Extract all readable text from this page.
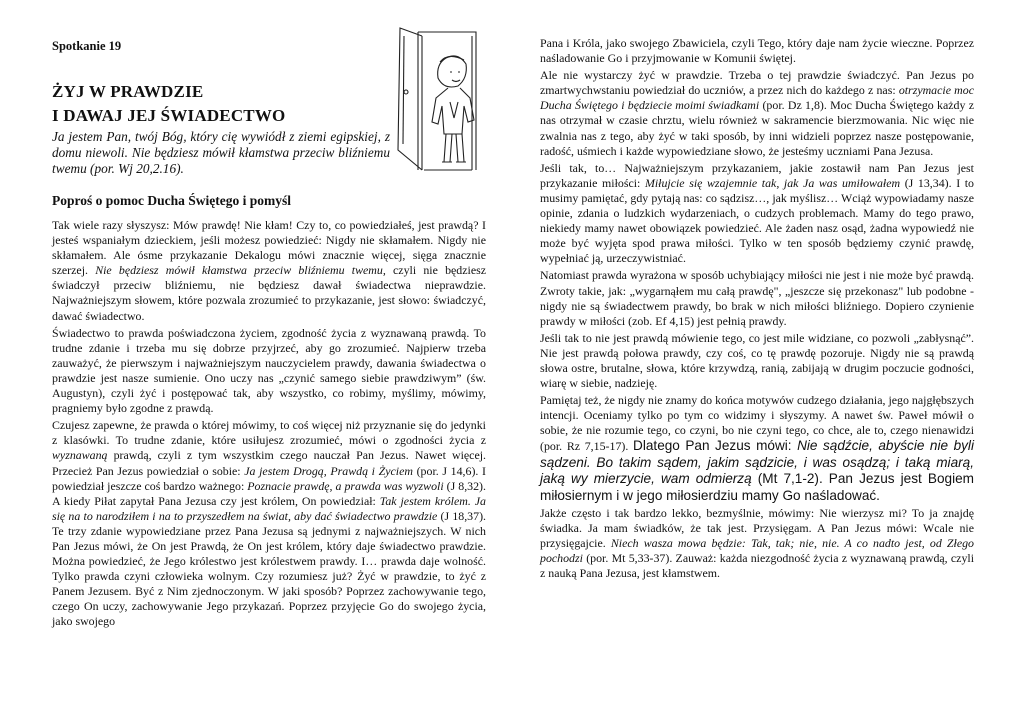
Spotkanie 19
ŻYJ W PRAWDZIE
I DAWAJ JEJ ŚWIADECTWO
Ja jestem Pan, twój Bóg, który cię wywiódł z ziemi egipskiej, z domu niewoli. Nie będziesz mówił kłamstwa przeciw bliźniemu twemu (por. Wj 20,2.16).
Poproś o pomoc Ducha Świętego i pomyśl

Tak wiele razy słyszysz: Mów prawdę! Nie kłam! Czy to, co powiedziałeś, jest prawdą? I jesteś wspaniałym dzieckiem, jeśli możesz powiedzieć: Nigdy nie skłamałem. Nigdy nie skłamałem. Ale ósme przykazanie Dekalogu mówi znacznie więcej, sięga znacznie szerzej. Nie będziesz mówił kłamstwa przeciw bliźniemu twemu, czyli nie będziesz świadczył przeciw bliźniemu, nie będziesz dawał świadectwa nieprawdzie. Najważniejszym słowem, które pozwala zrozumieć to przykazanie, jest słowo: świadczyć, dawać świadectwo.

Świadectwo to prawda poświadczona życiem, zgodność życia z wyznawaną prawdą. To trudne zdanie i trzeba mu się dobrze przyjrzeć, aby go zrozumieć. Najpierw trzeba zauważyć, że pierwszym i najważniejszym nauczycielem prawdy, dawania świadectwa o prawdzie jest nasze sumienie. Ono uczy nas „czynić samego siebie prawdziwym” (św. Augustyn), czyli żyć i postępować tak, aby wszystko, co robimy, myślimy, mówimy, pragniemy było zgodne z prawdą.

Czujesz zapewne, że prawda o której mówimy, to coś więcej niż przyznanie się do jedynki z klasówki. To trudne zdanie, które usiłujesz zrozumieć, mówi o zgodności życia z wyznawaną prawdą, czyli z tym wszystkim czego nauczał Pan Jezus. Nawet więcej. Przecież Pan Jezus powiedział o sobie: Ja jestem Drogą, Prawdą i Życiem (por. J 14,6). I powiedział jeszcze coś bardzo ważnego: Poznacie prawdę, a prawda was wyzwoli (J 8,32). A kiedy Piłat zapytał Pana Jezusa czy jest królem, On powiedział: Tak jestem królem. Ja się na to narodziłem i na to przyszedłem na świat, aby dać świadectwo prawdzie (J 18,37). Te trzy zdanie wypowiedziane przez Pana Jezusa są jednymi z najważniejszych. W nich Pan Jezus mówi, że On jest Prawdą, że On jest królem, który daje świadectwo prawdzie. Można powiedzieć, że Jego królestwo jest królestwem prawdy. I… prawda daje wolność. Tylko prawda czyni człowieka wolnym. Czy rozumiesz już? Żyć w prawdzie, to żyć z Panem Jezusem. Być z Nim zjednoczonym. W jaki sposób? Poprzez zachowywanie tego, czego On uczy, zachowywanie Jego przykazań. Poprzez przyjęcie Go do swojego życia, jako swojego

Pana i Króla, jako swojego Zbawiciela, czyli Tego, który daje nam życie wieczne. Poprzez naśladowanie Go i przyjmowanie w Komunii świętej.

Ale nie wystarczy żyć w prawdzie. Trzeba o tej prawdzie świadczyć. Pan Jezus po zmartwychwstaniu powiedział do uczniów, a przez nich do każdego z nas: otrzymacie moc Ducha Świętego i będziecie moimi świadkami (por. Dz 1,8). Moc Ducha Świętego każdy z nas otrzymał w czasie chrztu, wielu również w sakramencie bierzmowania. Nic więc nie zwalnia nas z tego, aby żyć w taki sposób, by inni widzieli poprzez nasze postępowanie, radość, uśmiech i każde wypowiedziane słowo, że jesteśmy uczniami Pana Jezusa.

Jeśli tak, to… Najważniejszym przykazaniem, jakie zostawił nam Pan Jezus jest przykazanie miłości: Miłujcie się wzajemnie tak, jak Ja was umiłowałem (J 13,34). I to musimy pamiętać, gdy pytają nas: co sądzisz…, jak myślisz… Wciąż wypowiadamy nasze opinie, zdania o ludzkich wydarzeniach, o cudzych problemach. Mamy do tego prawo, niekiedy mamy nawet obowiązek powiedzieć. Ale żaden nasz osąd, żadna wypowiedź nie może być wyjęta spod prawa miłości. Tylko w ten sposób będziemy czynić prawdę, wypełniać ją, urzeczywistniać.

Natomiast prawda wyrażona w sposób uchybiający miłości nie jest i nie może być prawdą. Zwroty takie, jak: „wygarnąłem mu całą prawdę", „jeszcze się przekonasz" lub podobne - nigdy nie są świadectwem prawdy, bo brak w nich miłości bliźniego. Dopiero czynienie prawdy w miłości (zob. Ef 4,15) jest pełnią prawdy.

Jeśli tak to nie jest prawdą mówienie tego, co jest mile widziane, co pozwoli „zabłysnąć”. Nie jest prawdą połowa prawdy, czy coś, co tę prawdę pozoruje. Nigdy nie są prawdą słowa ostre, brutalne, słowa, które krzywdzą, ranią, zabijają w drugim poczucie godności, wiarę w siebie, nadzieję.

Pamiętaj też, że nigdy nie znamy do końca motywów cudzego działania, jego najgłębszych intencji. Oceniamy tylko po tym co widzimy i słyszymy. A nawet św. Paweł mówił o sobie, że nie rozumie tego, co czyni, bo nie czyni tego, co chce, ale to, czego nienawidzi (por. Rz 7,15-17). Dlatego Pan Jezus mówi: Nie sądźcie, abyście nie byli sądzeni. Bo takim sądem, jakim sądzicie, i was osądzą; i taką miarą, jaką wy mierzycie, wam odmierzą (Mt 7,1-2). Pan Jezus jest Bogiem miłosiernym i w jego miłosierdziu mamy Go naśladować.

Jakże często i tak bardzo lekko, bezmyślnie, mówimy: Nie wierzysz mi? To ja znajdę świadka. Ja mam świadków, że tak jest. Przysięgam. A Pan Jezus mówi: Wcale nie przysięgajcie. Niech wasza mowa będzie: Tak, tak; nie, nie. A co nadto jest, od Złego pochodzi (por. Mt 5,33-37). Zauważ: każda niezgodność życia z wyznawaną prawdą, czyli z nauką Pana Jezusa, jest kłamstwem.
